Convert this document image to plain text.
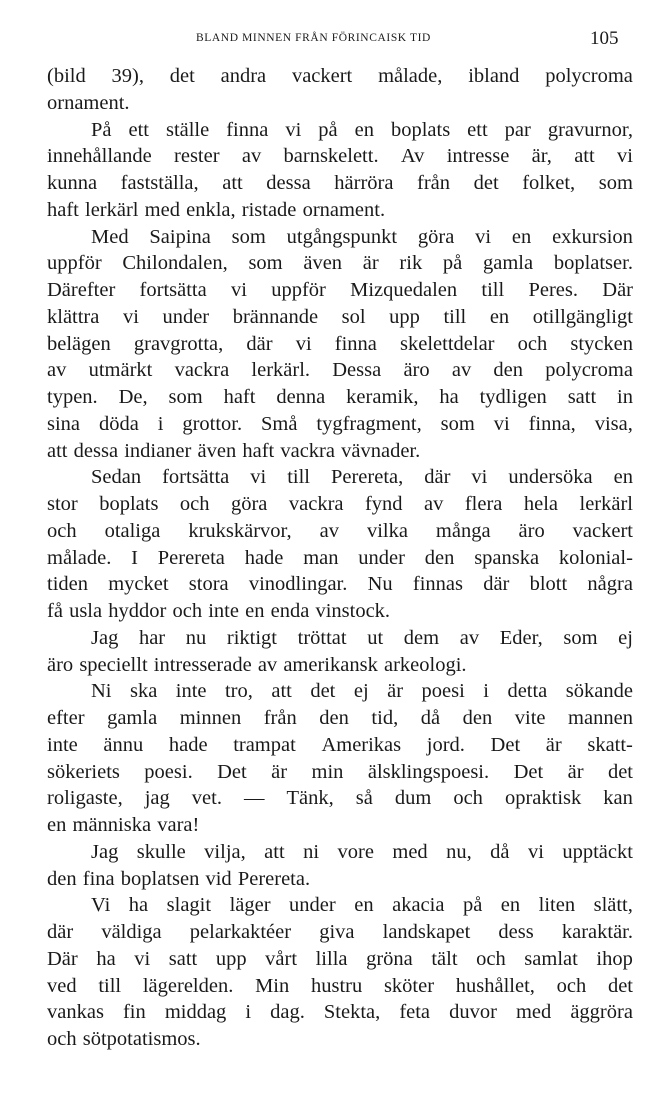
BLAND MINNEN FRÅN FÖRINCAISK TID	105
(bild 39), det andra vackert målade, ibland polycroma
ornament.
På ett ställe finna vi på en boplats ett par gravurnor,
innehållande rester av barnskelett. Av intresse är, att vi
kunna fastställa, att dessa härröra från det folket, som
haft lerkärl med enkla, ristade ornament.
Med Saipina som utgångspunkt göra vi en exkursion
uppför Chilondalen, som även är rik på gamla boplatser.
Därefter fortsätta vi uppför Mizquedalen till Peres. Där
klättra vi under brännande sol upp till en otillgängligt
belägen gravgrotta, där vi finna skelettdelar och stycken
av utmärkt vackra lerkärl. Dessa äro av den polycroma
typen. De, som haft denna keramik, ha tydligen satt in
sina döda i grottor. Små tygfragment, som vi finna, visa,
att dessa indianer även haft vackra vävnader.
Sedan fortsätta vi till Perereta, där vi undersöka en
stor boplats och göra vackra fynd av flera hela lerkärl
och otaliga krukskärvor, av vilka många äro vackert
målade. I Perereta hade man under den spanska kolonial-
tiden mycket stora vinodlingar. Nu finnas där blott några
få usla hyddor och inte en enda vinstock.
Jag har nu riktigt tröttat ut dem av Eder, som ej
äro speciellt intresserade av amerikansk arkeologi.
Ni ska inte tro, att det ej är poesi i detta sökande
efter gamla minnen från den tid, då den vite mannen
inte ännu hade trampat Amerikas jord. Det är skatt-
sökeriets poesi. Det är min älsklingspoesi. Det är det
roligaste, jag vet. — Tänk, så dum och opraktisk kan
en människa vara!
Jag skulle vilja, att ni vore med nu, då vi upptäckt
den fina boplatsen vid Perereta.
Vi ha slagit läger under en akacia på en liten slätt,
där väldiga pelarkaktéer giva landskapet dess karaktär.
Där ha vi satt upp vårt lilla gröna tält och samlat ihop
ved till lägerelden. Min hustru sköter hushållet, och det
vankas fin middag i dag. Stekta, feta duvor med äggröra
och sötpotatismos.
